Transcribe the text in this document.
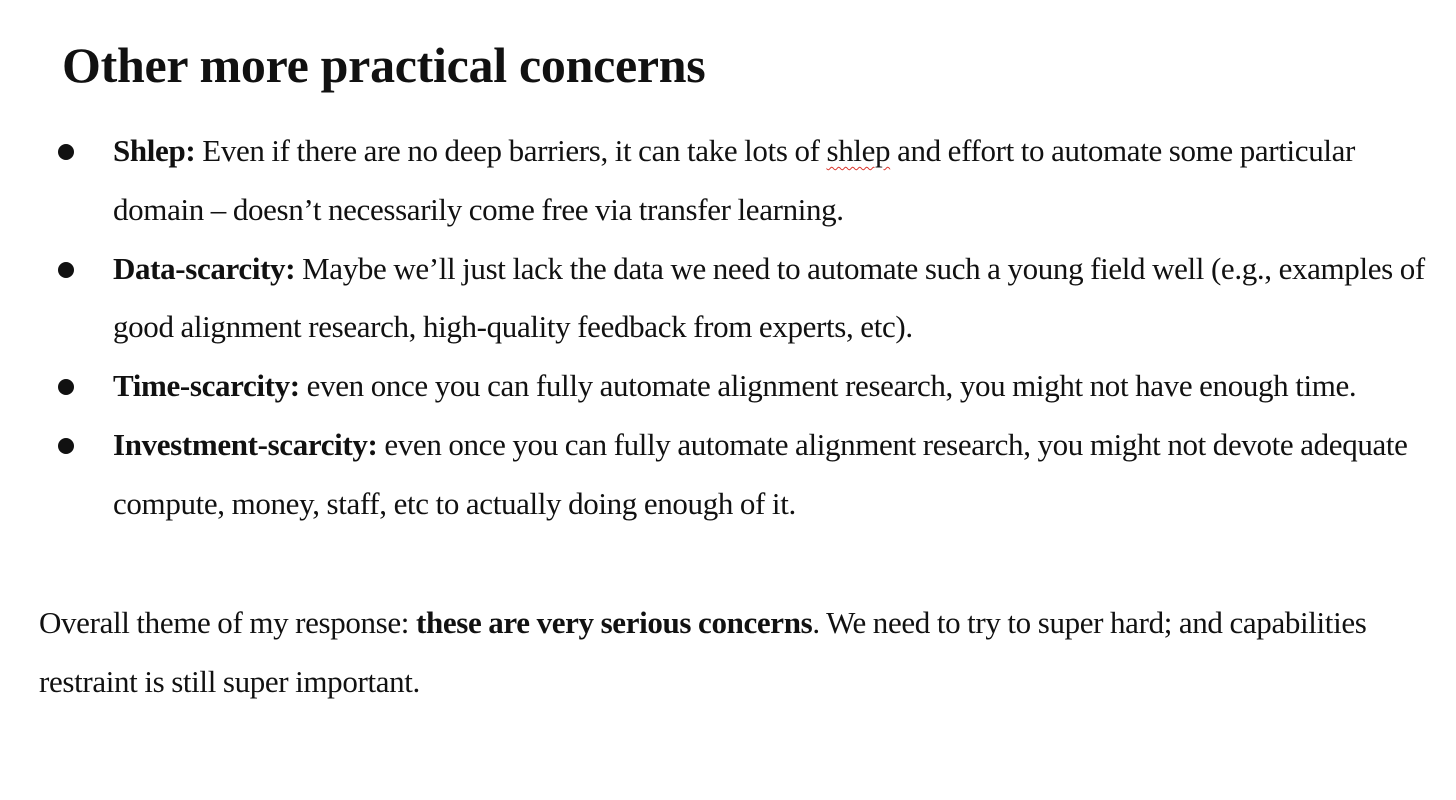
Other more practical concerns
Shlep: Even if there are no deep barriers, it can take lots of shlep and effort to automate some particular domain – doesn’t necessarily come free via transfer learning.
Data-scarcity: Maybe we’ll just lack the data we need to automate such a young field well (e.g., examples of good alignment research, high-quality feedback from experts, etc).
Time-scarcity: even once you can fully automate alignment research, you might not have enough time.
Investment-scarcity: even once you can fully automate alignment research, you might not devote adequate compute, money, staff, etc to actually doing enough of it.

Overall theme of my response: these are very serious concerns. We need to try to super hard; and capabilities restraint is still super important.
